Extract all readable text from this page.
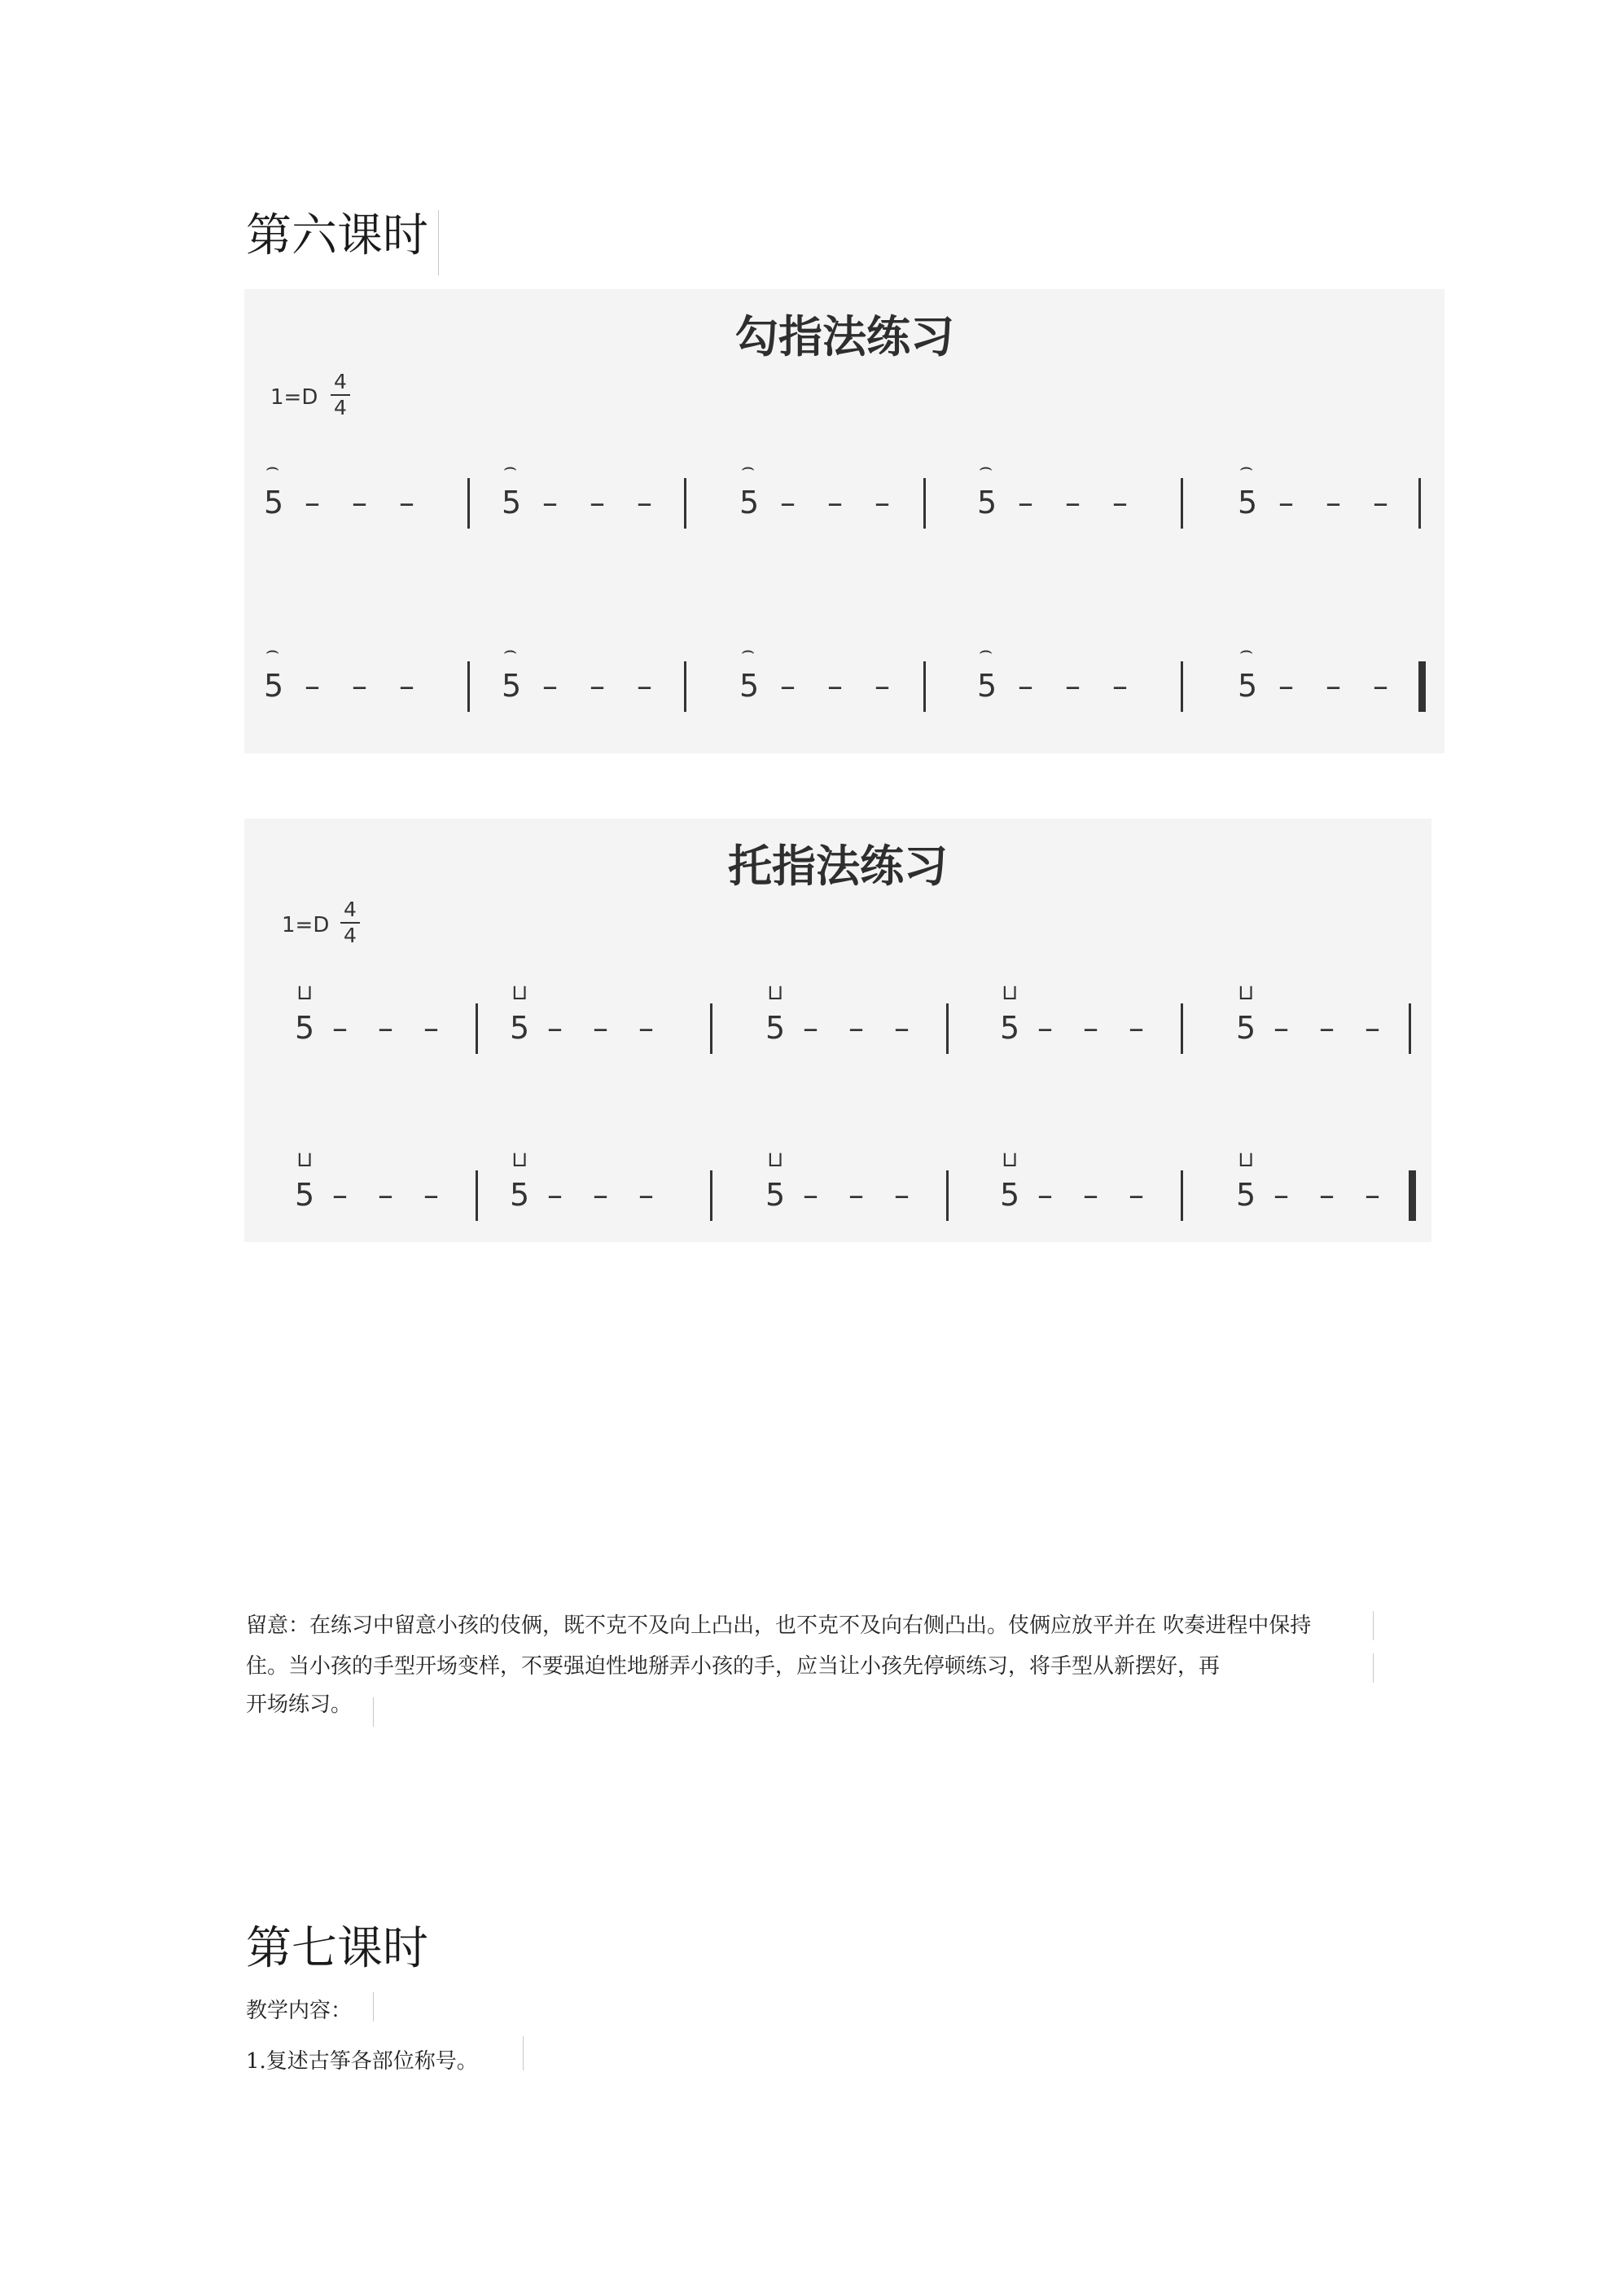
第六课时
勾指法练习
1=D
4
4
5
⌢
– – –	5
⌢
– – –	5
⌢
– – –	5
⌢
– – –	5
⌢
– – –
5
⌢
– – –	5
⌢
– – –	5
⌢
– – –	5
⌢
– – –	5
⌢
– – –
托指法练习
1=D
4
4
5
⊔
– – – 5
⊔
– – –	5
⊔
– – –	5
⊔
– – –	5
⊔
– – –
5
⊔
– – – 5
⊔
– – –	5
⊔
– – –	5
⊔
– – –	5
⊔
– – –
留意：在练习中留意小孩的伎俩，既不克不及向上凸出，也不克不及向右侧凸出。伎俩应放平并在 吹奏进程中保持
住。当小孩的手型开场变样，不要强迫性地掰弄小孩的手，应当让小孩先停顿练习，将手型从新摆好，再
开场练习。
第七课时
教学内容：
1.复述古筝各部位称号。
